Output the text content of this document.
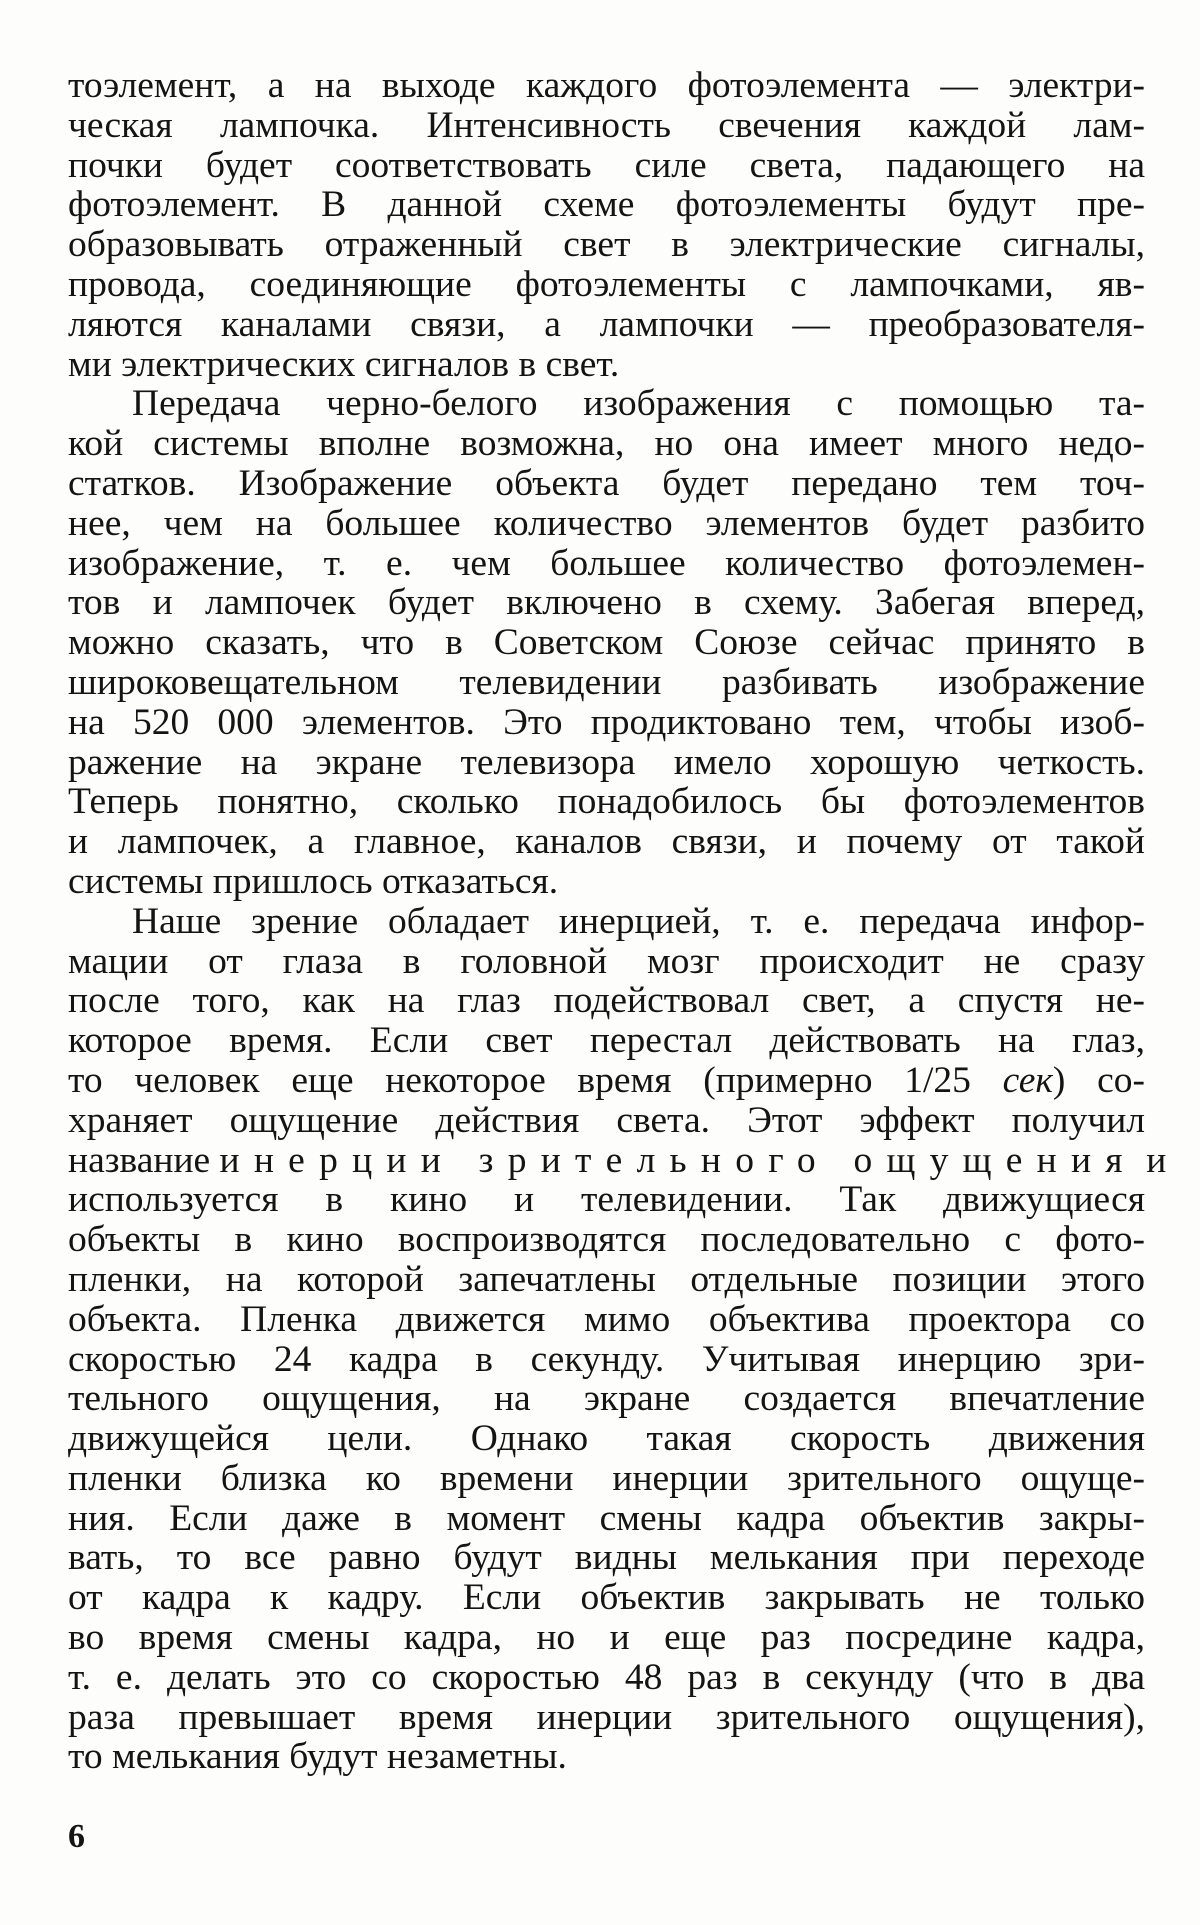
тоэлемент, а на выходе каждого фотоэлемента — электри-
ческая лампочка. Интенсивность свечения каждой лам-
почки будет соответствовать силе света, падающего на
фотоэлемент. В данной схеме фотоэлементы будут пре-
образовывать отраженный свет в электрические сигналы,
провода, соединяющие фотоэлементы с лампочками, яв-
ляются каналами связи, а лампочки — преобразователя-
ми электрических сигналов в свет.
Передача черно-белого изображения с помощью та-
кой системы вполне возможна, но она имеет много недо-
статков. Изображение объекта будет передано тем точ-
нее, чем на большее количество элементов будет разбито
изображение, т. е. чем большее количество фотоэлемен-
тов и лампочек будет включено в схему. Забегая вперед,
можно сказать, что в Советском Союзе сейчас принято в
широковещательном телевидении разбивать изображение
на 520 000 элементов. Это продиктовано тем, чтобы изоб-
ражение на экране телевизора имело хорошую четкость.
Теперь понятно, сколько понадобилось бы фотоэлементов
и лампочек, а главное, каналов связи, и почему от такой
системы пришлось отказаться.
Наше зрение обладает инерцией, т. е. передача инфор-
мации от глаза в головной мозг происходит не сразу
после того, как на глаз подействовал свет, а спустя не-
которое время. Если свет перестал действовать на глаз,
то человек еще некоторое время (примерно 1/25 сек) со-
храняет ощущение действия света. Этот эффект получил
название инерции зрительного ощущения и
используется в кино и телевидении. Так движущиеся
объекты в кино воспроизводятся последовательно с фото-
пленки, на которой запечатлены отдельные позиции этого
объекта. Пленка движется мимо объектива проектора со
скоростью 24 кадра в секунду. Учитывая инерцию зри-
тельного ощущения, на экране создается впечатление
движущейся цели. Однако такая скорость движения
пленки близка ко времени инерции зрительного ощуще-
ния. Если даже в момент смены кадра объектив закры-
вать, то все равно будут видны мелькания при переходе
от кадра к кадру. Если объектив закрывать не только
во время смены кадра, но и еще раз посредине кадра,
т. е. делать это со скоростью 48 раз в секунду (что в два
раза превышает время инерции зрительного ощущения),
то мелькания будут незаметны.
6
